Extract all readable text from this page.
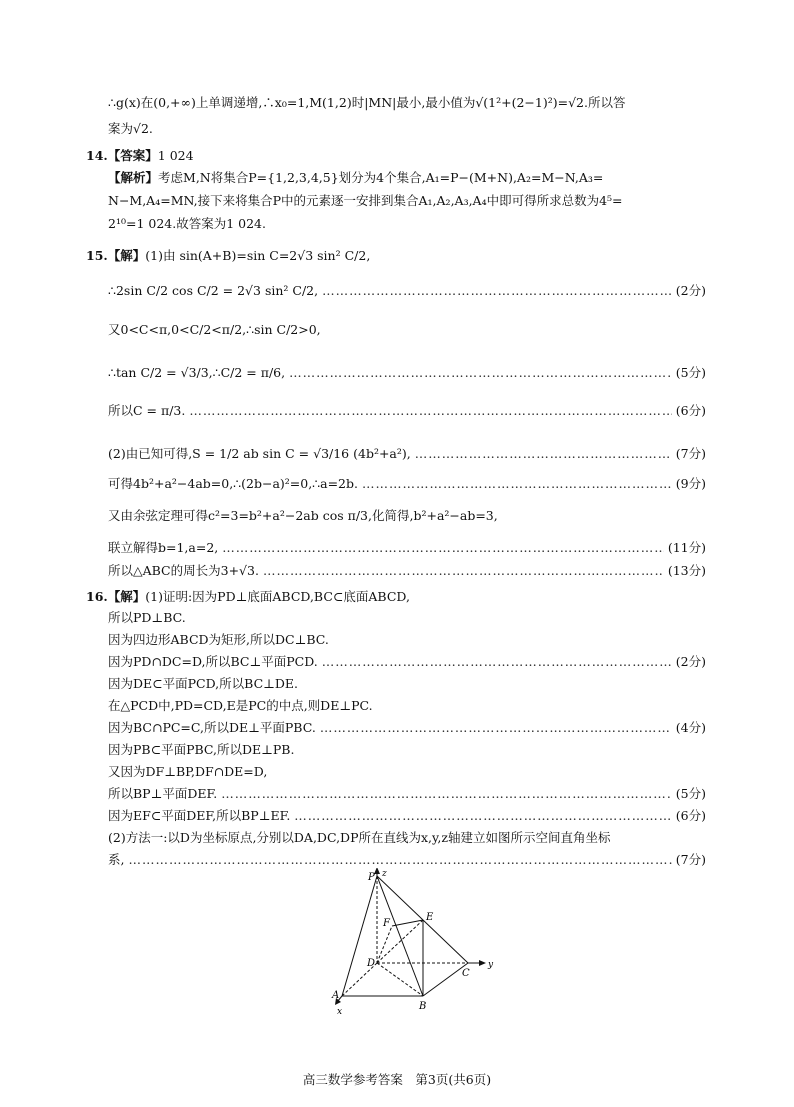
∴g(x)在(0,+∞)上单调递增,∴x₀=1,M(1,2)时|MN|最小,最小值为√(1²+(2−1)²)=√2.所以答
案为√2.
14.【答案】1 024
【解析】考虑M,N将集合P={1,2,3,4,5}划分为4个集合,A₁=P−(M+N),A₂=M−N,A₃=
N−M,A₄=MN,接下来将集合P中的元素逐一安排到集合A₁,A₂,A₃,A₄中即可得所求总数为4⁵=
2¹⁰=1 024.故答案为1 024.
15.【解】(1)由 sin(A+B)=sin C=2√3 sin² C/2,
∴2sin C/2 cos C/2 = 2√3 sin² C/2, ……………………………………………………………………………………………………………………………………………………………………………………………………	(2分)
又0<C<π,0<C/2<π/2,∴sin C/2>0,
∴tan C/2 = √3/3,∴C/2 = π/6, ……………………………………………………………………………………………………………………………………………………………………………………………………	(5分)
所以C = π/3. ……………………………………………………………………………………………………………………………………………………………………………………………………	(6分)
(2)由已知可得,S = 1/2 ab sin C = √3/16 (4b²+a²), ……………………………………………………………………………………………………………………………………………………………………………………………………	(7分)
可得4b²+a²−4ab=0,∴(2b−a)²=0,∴a=2b. ……………………………………………………………………………………………………………………………………………………………………………………………………	(9分)
又由余弦定理可得c²=3=b²+a²−2ab cos π/3,化简得,b²+a²−ab=3,
联立解得b=1,a=2, ……………………………………………………………………………………………………………………………………………………………………………………………………	(11分)
所以△ABC的周长为3+√3. ……………………………………………………………………………………………………………………………………………………………………………………………………	(13分)
16.【解】(1)证明:因为PD⊥底面ABCD,BC⊂底面ABCD,
所以PD⊥BC.
因为四边形ABCD为矩形,所以DC⊥BC.
因为PD∩DC=D,所以BC⊥平面PCD. ……………………………………………………………………………………………………………………………………………………………………………………………………	(2分)
因为DE⊂平面PCD,所以BC⊥DE.
在△PCD中,PD=CD,E是PC的中点,则DE⊥PC.
因为BC∩PC=C,所以DE⊥平面PBC. ……………………………………………………………………………………………………………………………………………………………………………………………………	(4分)
因为PB⊂平面PBC,所以DE⊥PB.
又因为DF⊥BP,DF∩DE=D,
所以BP⊥平面DEF. ……………………………………………………………………………………………………………………………………………………………………………………………………	(5分)
因为EF⊂平面DEF,所以BP⊥EF. ……………………………………………………………………………………………………………………………………………………………………………………………………	(6分)
(2)方法一:以D为坐标原点,分别以DA,DC,DP所在直线为x,y,z轴建立如图所示空间直角坐标
系, ……………………………………………………………………………………………………………………………………………………………………………………………………	(7分)
P z
E
F
D
C
y
A
x	B
高三数学参考答案　第3页(共6页)
